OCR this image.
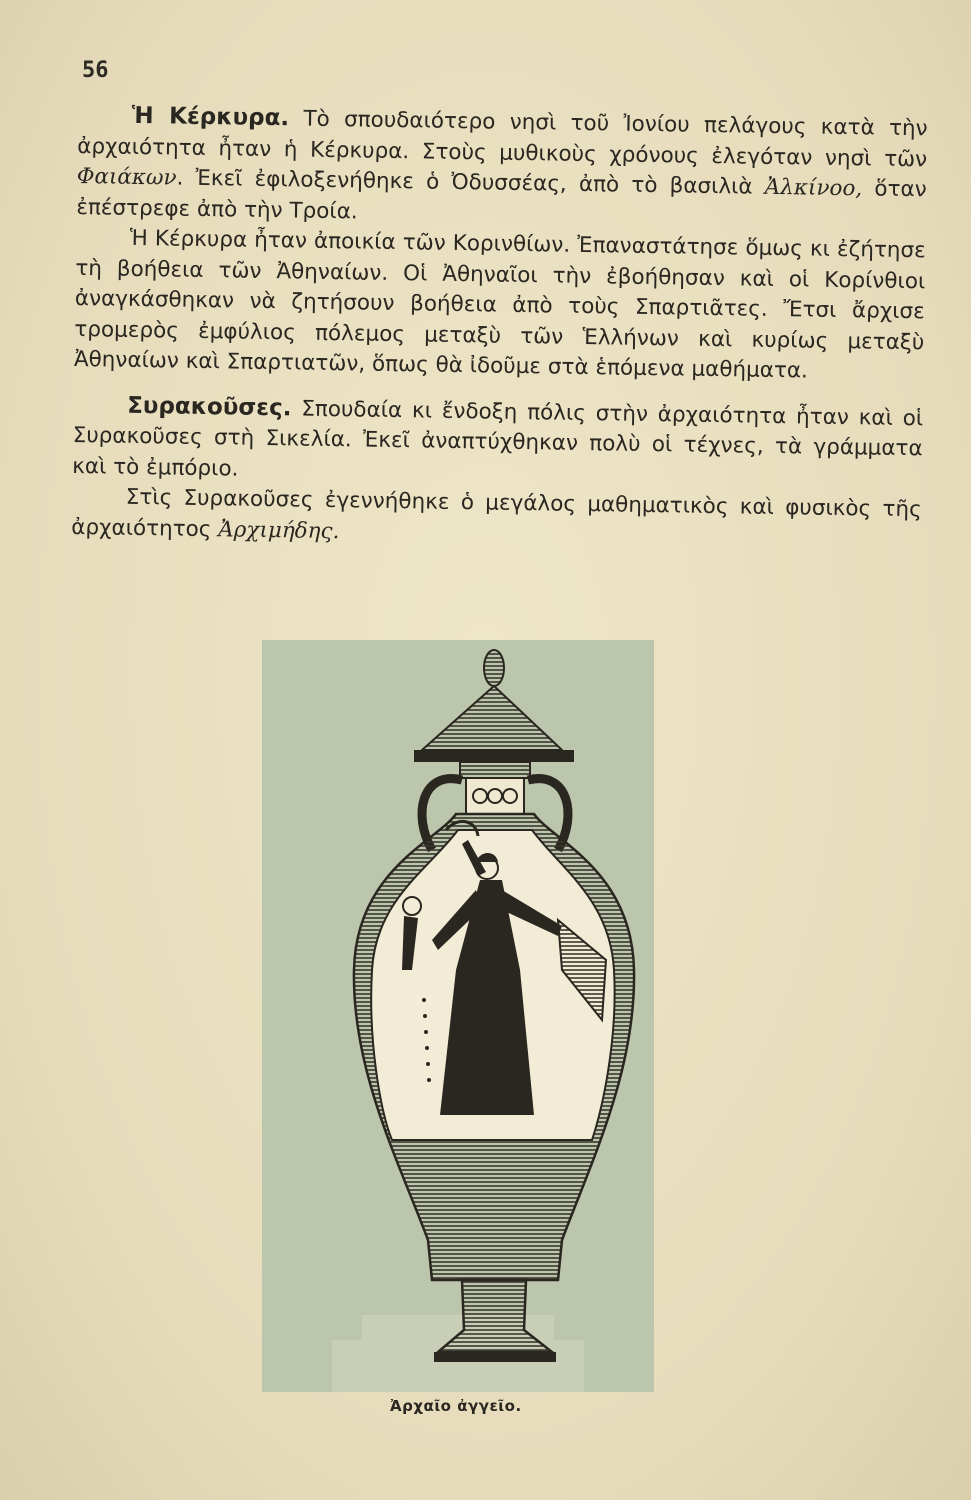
56

Ἡ Κέρκυρα. Τὸ σπουδαιότερο νησὶ τοῦ Ἰονίου πελάγους κατὰ τὴν ἀρχαιότητα ἦταν ἡ Κέρκυρα. Στοὺς μυθικοὺς χρόνους ἐλεγόταν νησὶ τῶν Φαιάκων. Ἐκεῖ ἐφιλοξενήθηκε ὁ Ὀδυσσέας, ἀπὸ τὸ βασιλιὰ Ἀλκίνοο, ὅταν ἐπέστρεφε ἀπὸ τὴν Τροία.

Ἡ Κέρκυρα ἦταν ἀποικία τῶν Κορινθίων. Ἐπαναστάτησε ὅμως κι ἐζήτησε τὴ βοήθεια τῶν Ἀθηναίων. Οἱ Ἀθηναῖοι τὴν ἐβοήθησαν καὶ οἱ Κορίνθιοι ἀναγκάσθηκαν νὰ ζητήσουν βοήθεια ἀπὸ τοὺς Σπαρτιᾶτες. Ἔτσι ἄρχισε τρομερὸς ἐμφύλιος πόλεμος μεταξὺ τῶν Ἑλλήνων καὶ κυρίως μεταξὺ Ἀθηναίων καὶ Σπαρτιατῶν, ὅπως θὰ ἰδοῦμε στὰ ἑπόμενα μαθήματα.

Συρακοῦσες. Σπουδαία κι ἔνδοξη πόλις στὴν ἀρχαιότητα ἦταν καὶ οἱ Συρακοῦσες στὴ Σικελία. Ἐκεῖ ἀναπτύχθηκαν πολὺ οἱ τέχνες, τὰ γράμματα καὶ τὸ ἐμπόριο.

Στὶς Συρακοῦσες ἐγεννήθηκε ὁ μεγάλος μαθηματικὸς καὶ φυσικὸς τῆς ἀρχαιότητος Ἀρχιμήδης.

Ἀρχαῖο ἀγγεῖο.
